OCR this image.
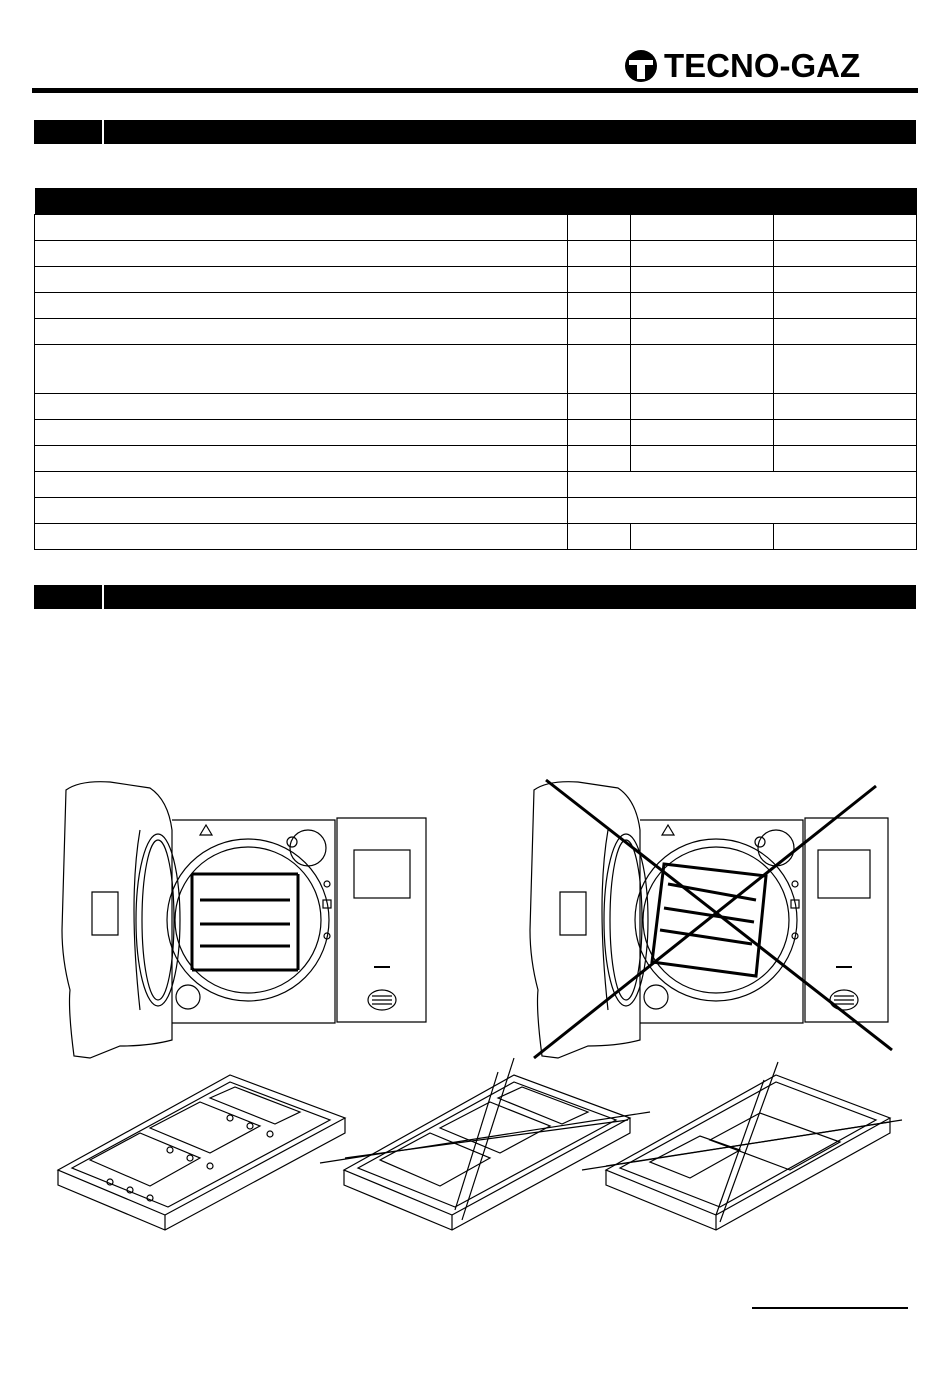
TECNO-GAZ
